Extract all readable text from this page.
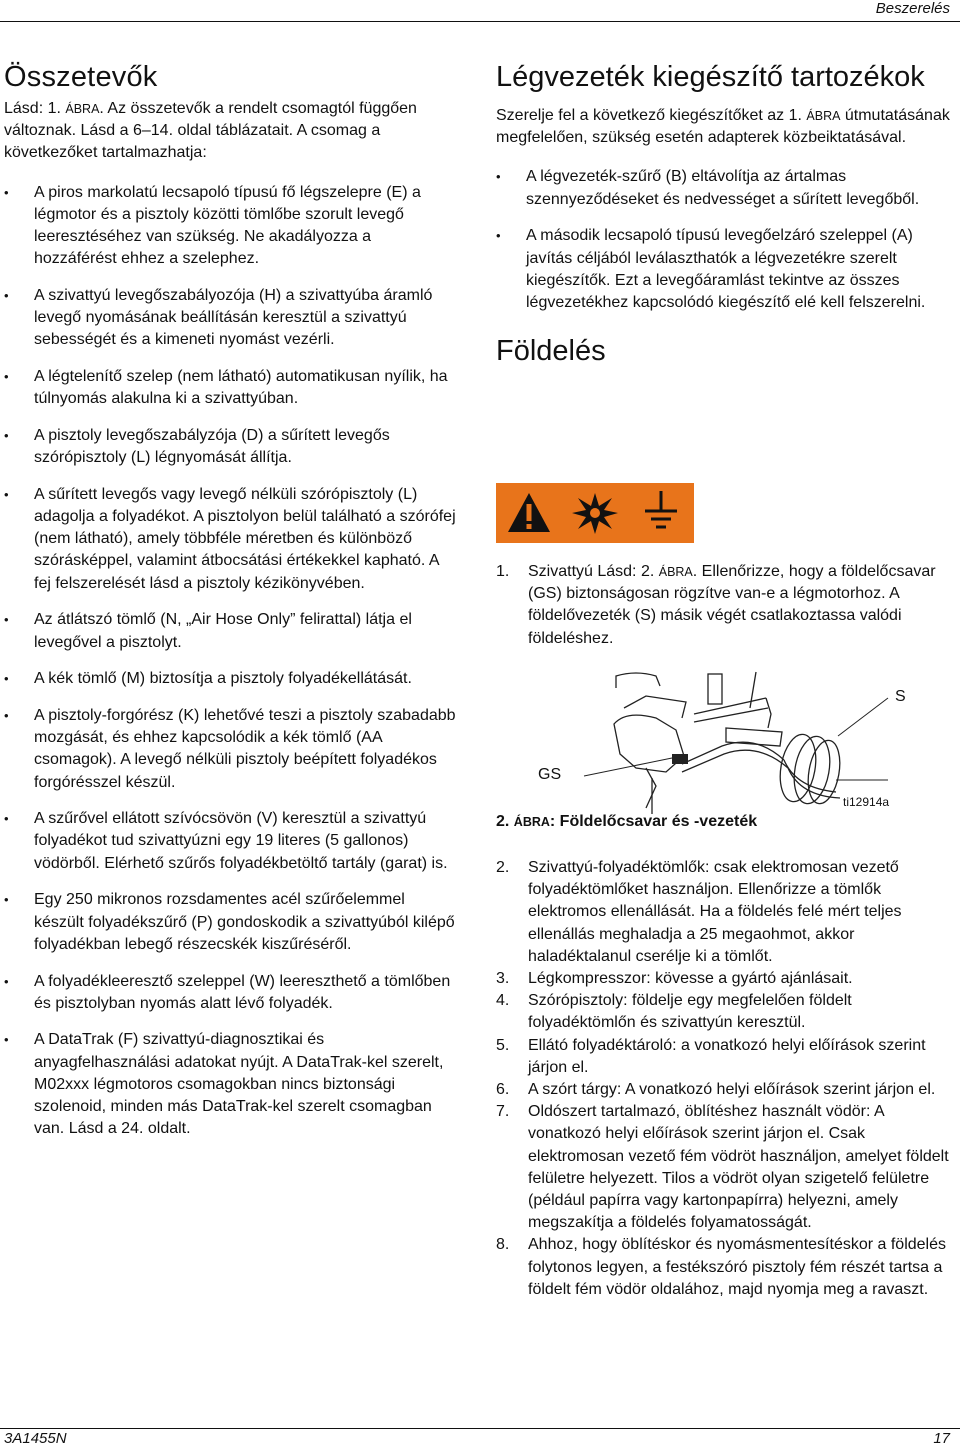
Beszerelés
Összetevők

Lásd: 1. ÁBRA. Az összetevők a rendelt csomagtól függően változnak. Lásd a 6–14. oldal táblázatait. A csomag a következőket tartalmazhatja:

• A piros markolatú lecsapoló típusú fő légszelepre (E) a légmotor és a pisztoly közötti tömlőbe szorult levegő leeresztéséhez van szükség. Ne akadályozza a hozzáférést ehhez a szelephez.

• A szivattyú levegőszabályozója (H) a szivattyúba áramló levegő nyomásának beállításán keresztül a szivattyú sebességét és a kimeneti nyomást vezérli.

• A légtelenítő szelep (nem látható) automatikusan nyílik, ha túlnyomás alakulna ki a szivattyúban.

• A pisztoly levegőszabályzója (D) a sűrített levegős szórópisztoly (L) légnyomását állítja.

• A sűrített levegős vagy levegő nélküli szórópisztoly (L) adagolja a folyadékot. A pisztolyon belül található a szórófej (nem látható), amely többféle méretben és különböző szórásképpel, valamint átbocsátási értékekkel kapható. A fej felszerelését lásd a pisztoly kézikönyvében.

• Az átlátszó tömlő (N, „Air Hose Only” felirattal) látja el levegővel a pisztolyt.

• A kék tömlő (M) biztosítja a pisztoly folyadékellátását.

• A pisztoly-forgórész (K) lehetővé teszi a pisztoly szabadabb mozgását, és ehhez kapcsolódik a kék tömlő (AA csomagok). A levegő nélküli pisztoly beépített folyadékos forgórésszel készül.

• A szűrővel ellátott szívócsövön (V) keresztül a szivattyú folyadékot tud szivattyúzni egy 19 literes (5 gallonos) vödörből. Elérhető szűrős folyadékbetöltő tartály (garat) is.

• Egy 250 mikronos rozsdamentes acél szűrőelemmel készült folyadékszűrő (P) gondoskodik a szivattyúból kilépő folyadékban lebegő részecskék kiszűréséről.

• A folyadékleeresztő szeleppel (W) leereszthető a tömlőben és pisztolyban nyomás alatt lévő folyadék.

• A DataTrak (F) szivattyú-diagnosztikai és anyagfelhasználási adatokat nyújt. A DataTrak-kel szerelt, M02xxx légmotoros csomagokban nincs biztonsági szolenoid, minden más DataTrak-kel szerelt csomagban van. Lásd a 24. oldalt.

Légvezeték kiegészítő tartozékok

Szerelje fel a következő kiegészítőket az 1. ÁBRA útmutatásának megfelelően, szükség esetén adapterek közbeiktatásával.

• A légvezeték-szűrő (B) eltávolítja az ártalmas szennyeződéseket és nedvességet a sűrített levegőből.

• A második lecsapoló típusú levegőelzáró szeleppel (A) javítás céljából leválaszthatók a légvezetékre szerelt kiegészítők. Ezt a levegőáramlást tekintve az összes légvezetékhez kapcsolódó kiegészítő elé kell felszerelni.

Földelés

1. Szivattyú Lásd: 2. ÁBRA. Ellenőrizze, hogy a földelőcsavar (GS) biztonságosan rögzítve van-e a légmotorhoz. A földelővezeték (S) másik végét csatlakoztassa valódi földeléshez.

S
GS
ti12914a
2. ÁBRA: Földelőcsavar és -vezeték

2. Szivattyú-folyadéktömlők: csak elektromosan vezető folyadéktömlőket használjon. Ellenőrizze a tömlők elektromos ellenállását. Ha a földelés felé mért teljes ellenállás meghaladja a 25 megaohmot, akkor haladéktalanul cserélje ki a tömlőt.

3. Légkompresszor: kövesse a gyártó ajánlásait.

4. Szórópisztoly: földelje egy megfelelően földelt folyadéktömlőn és szivattyún keresztül.

5. Ellátó folyadéktároló: a vonatkozó helyi előírások szerint járjon el.

6. A szórt tárgy: A vonatkozó helyi előírások szerint járjon el.

7. Oldószert tartalmazó, öblítéshez használt vödör: A vonatkozó helyi előírások szerint járjon el. Csak elektromosan vezető fém vödröt használjon, amelyet földelt felületre helyezett. Tilos a vödröt olyan szigetelő felületre (például papírra vagy kartonpapírra) helyezni, amely megszakítja a földelés folyamatosságát.

8. Ahhoz, hogy öblítéskor és nyomásmentesítéskor a földelés folytonos legyen, a festékszóró pisztoly fém részét tartsa a földelt fém vödör oldalához, majd nyomja meg a ravaszt.

3A1455N	17
